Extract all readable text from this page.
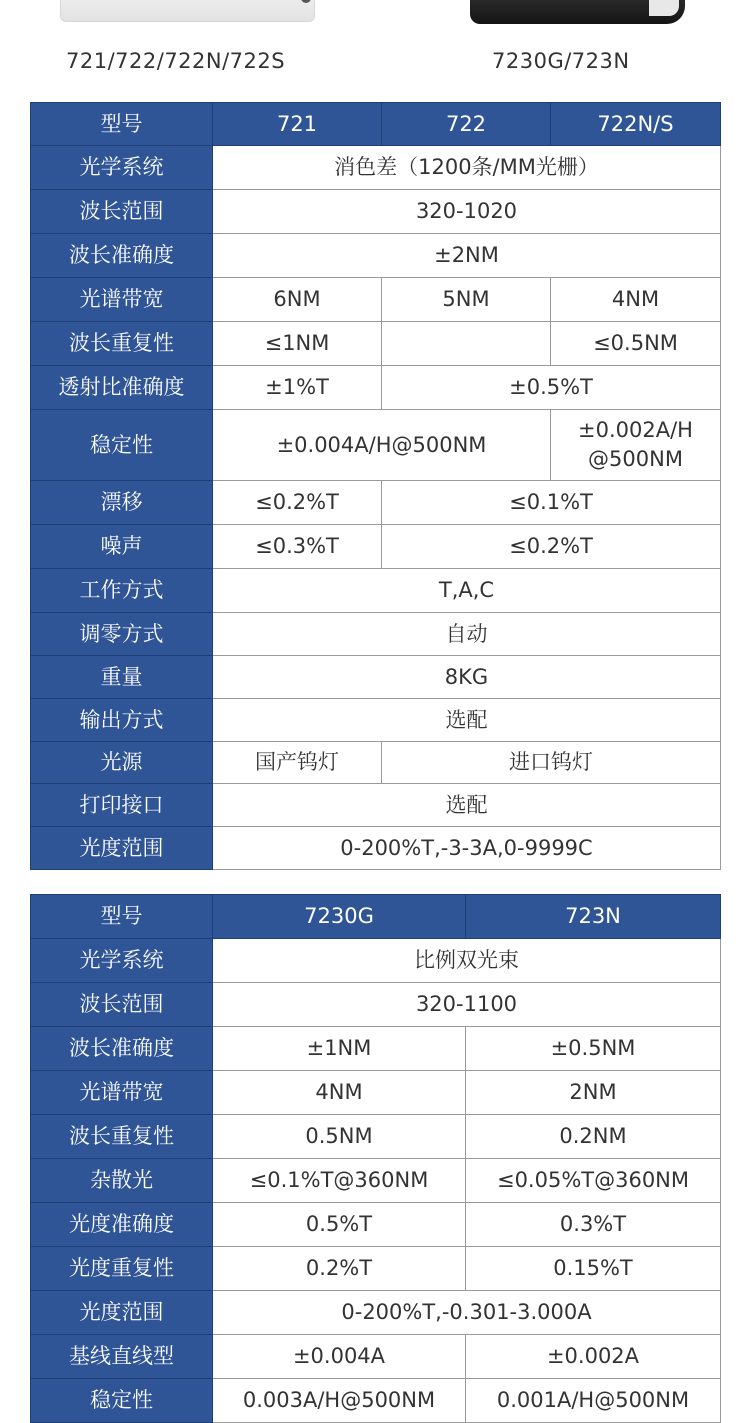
721/722/722N/722S	7230G/723N
型号	721	722	722N/S
光学系统	消色差（1200条/MM光栅）		
波长范围	320-1020		
波长准确度	±2NM		
光谱带宽	6NM	5NM	4NM
波长重复性	≤1NM		≤0.5NM
透射比准确度	±1%T	±0.5%T	
稳定性	±0.004A/H@500NM		±0.002A/H
@500NM

漂移	≤0.2%T	≤0.1%T	
噪声	≤0.3%T	≤0.2%T	
工作方式	T,A,C		
调零方式	自动		
重量	8KG		
输出方式	选配		
光源	国产钨灯	进口钨灯	
打印接口	选配		
光度范围	0-200%T,-3-3A,0-9999C		
型号	7230G	723N
光学系统	比例双光束	
波长范围	320-1100	
波长准确度	±1NM	±0.5NM
光谱带宽	4NM	2NM
波长重复性	0.5NM	0.2NM
杂散光	≤0.1%T@360NM	≤0.05%T@360NM
光度准确度	0.5%T	0.3%T
光度重复性	0.2%T	0.15%T
光度范围	0-200%T,-0.301-3.000A	
基线直线型	±0.004A	±0.002A
稳定性	0.003A/H@500NM	0.001A/H@500NM
